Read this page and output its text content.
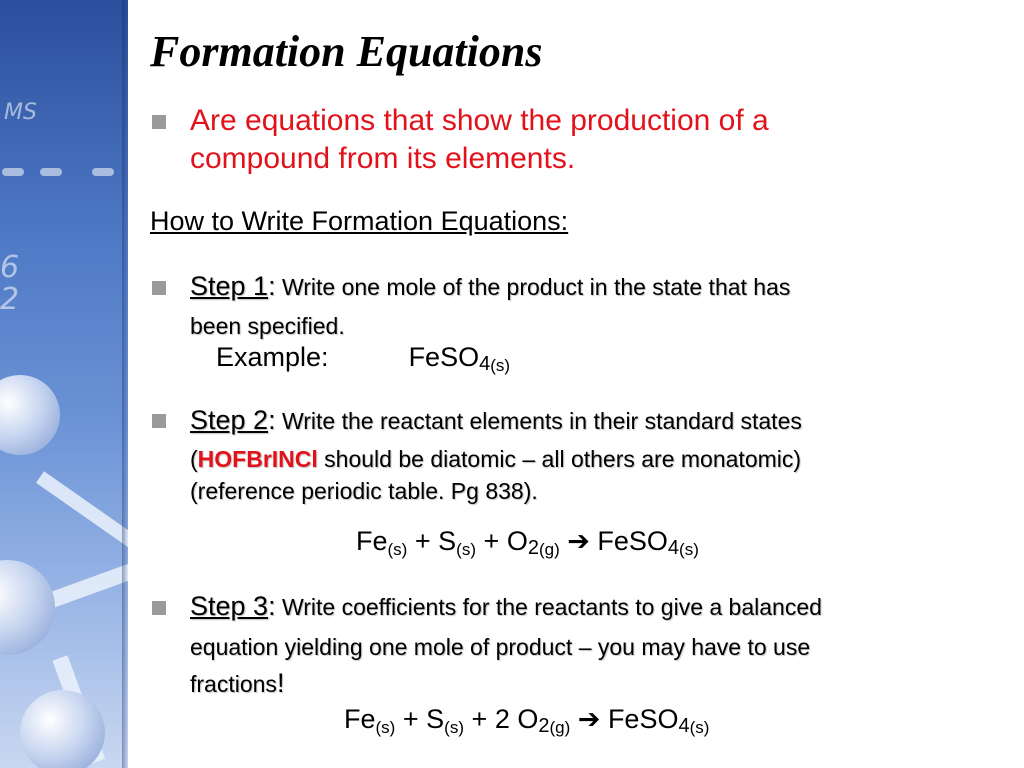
MS
6
2
Formation Equations
Are equations that show the production of a
compound from its elements.
How to Write Formation Equations:
Step 1: Write one mole of the product in the state that has
been specified.
Example:	FeSO$_{4(s)}$
Step 2: Write the reactant elements in their standard states
(HOFBrINCl should be diatomic – all others are monatomic)
(reference periodic table. Pg 838).
$Fe_{(s)} + S_{(s)} + O_{2(g)}$ ➔ FeSO$_{4(s)}$
Step 3: Write coefficients for the reactants to give a balanced
equation yielding one mole of product – you may have to use
fractions!
$Fe_{(s)} + S_{(s)} + 2$ $O_{2(g)}$ ➔ FeSO$_{4(s)}$
